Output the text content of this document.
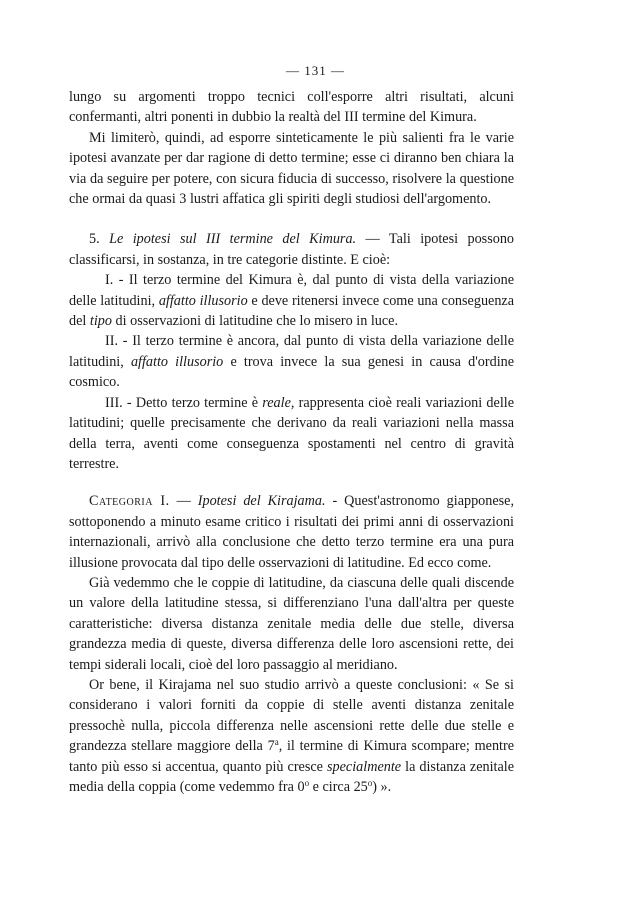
— 131 —

lungo su argomenti troppo tecnici coll'esporre altri risultati, alcuni confermanti, altri ponenti in dubbio la realtà del III termine del Kimura.

Mi limiterò, quindi, ad esporre sinteticamente le più salienti fra le varie ipotesi avanzate per dar ragione di detto termine; esse ci diranno ben chiara la via da seguire per potere, con sicura fiducia di successo, risolvere la questione che ormai da quasi 3 lustri affatica gli spiriti degli studiosi dell'argomento.

5. Le ipotesi sul III termine del Kimura. — Tali ipotesi possono classificarsi, in sostanza, in tre categorie distinte. E cioè:

I. - Il terzo termine del Kimura è, dal punto di vista della variazione delle latitudini, affatto illusorio e deve ritenersi invece come una conseguenza del tipo di osservazioni di latitudine che lo misero in luce.

II. - Il terzo termine è ancora, dal punto di vista della variazione delle latitudini, affatto illusorio e trova invece la sua genesi in causa d'ordine cosmico.

III. - Detto terzo termine è reale, rappresenta cioè reali variazioni delle latitudini; quelle precisamente che derivano da reali variazioni nella massa della terra, aventi come conseguenza spostamenti nel centro di gravità terrestre.

Categoria I. — Ipotesi del Kirajama. - Quest'astronomo giapponese, sottoponendo a minuto esame critico i risultati dei primi anni di osservazioni internazionali, arrivò alla conclusione che detto terzo termine era una pura illusione provocata dal tipo delle osservazioni di latitudine. Ed ecco come.

Già vedemmo che le coppie di latitudine, da ciascuna delle quali discende un valore della latitudine stessa, si differenziano l'una dall'altra per queste caratteristiche: diversa distanza zenitale media delle due stelle, diversa grandezza media di queste, diversa differenza delle loro ascensioni rette, dei tempi siderali locali, cioè del loro passaggio al meridiano.

Or bene, il Kirajama nel suo studio arrivò a queste conclusioni: « Se si considerano i valori forniti da coppie di stelle aventi distanza zenitale pressochè nulla, piccola differenza nelle ascensioni rette delle due stelle e grandezza stellare maggiore della 7$^a$, il termine di Kimura scompare; mentre tanto più esso si accentua, quanto più cresce specialmente la distanza zenitale media della coppia (come vedemmo fra 0$^o$ e circa 25$^o$) ».
